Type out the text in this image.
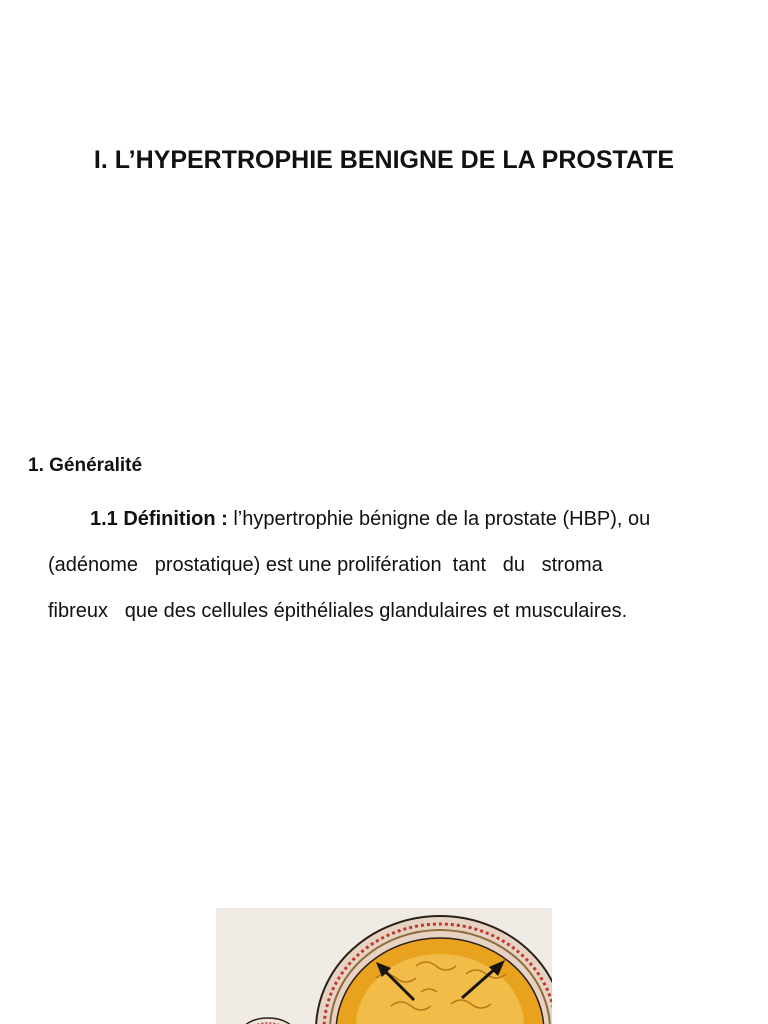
I. L’HYPERTROPHIE BENIGNE DE LA PROSTATE
1. Généralité

1.1 Définition : l’hypertrophie bénigne de la prostate (HBP), ou
(adénome   prostatique) est une prolifération  tant   du   stroma
fibreux   que des cellules épithéliales glandulaires et musculaires.
